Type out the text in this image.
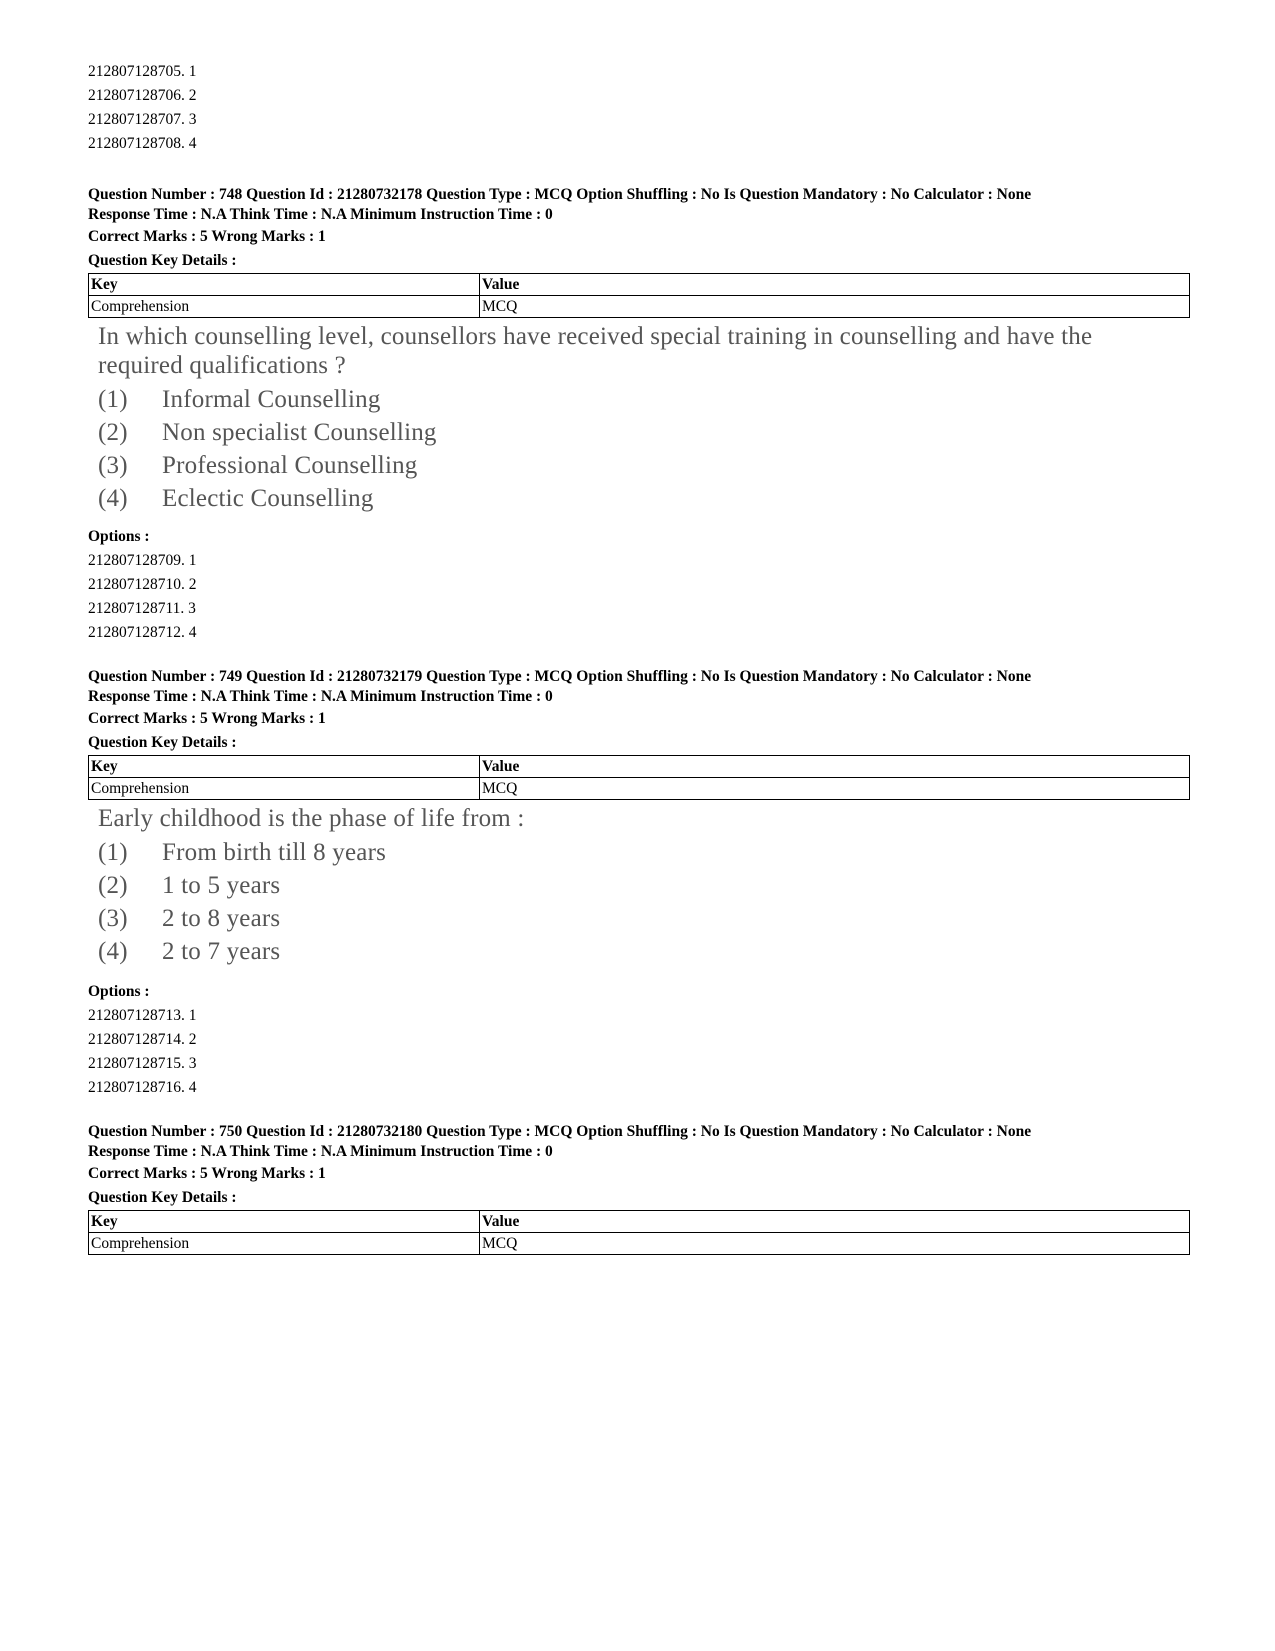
212807128705. 1
212807128706. 2
212807128707. 3
212807128708. 4
Question Number : 748 Question Id : 21280732178 Question Type : MCQ Option Shuffling : No Is Question Mandatory : No Calculator : None
Response Time : N.A Think Time : N.A Minimum Instruction Time : 0
Correct Marks : 5 Wrong Marks : 1
Question Key Details :
Key	Value
Comprehension	MCQ
In which counselling level, counsellors have received special training in counselling and have the
required qualifications ?
(1)	Informal Counselling
(2)	Non specialist Counselling
(3)	Professional Counselling
(4)	Eclectic Counselling
Options :
212807128709. 1
212807128710. 2
212807128711. 3
212807128712. 4
Question Number : 749 Question Id : 21280732179 Question Type : MCQ Option Shuffling : No Is Question Mandatory : No Calculator : None
Response Time : N.A Think Time : N.A Minimum Instruction Time : 0
Correct Marks : 5 Wrong Marks : 1
Question Key Details :
Key	Value
Comprehension	MCQ
Early childhood is the phase of life from :
(1)	From birth till 8 years
(2)	1 to 5 years
(3)	2 to 8 years
(4)	2 to 7 years
Options :
212807128713. 1
212807128714. 2
212807128715. 3
212807128716. 4
Question Number : 750 Question Id : 21280732180 Question Type : MCQ Option Shuffling : No Is Question Mandatory : No Calculator : None
Response Time : N.A Think Time : N.A Minimum Instruction Time : 0
Correct Marks : 5 Wrong Marks : 1
Question Key Details :
Key	Value
Comprehension	MCQ
